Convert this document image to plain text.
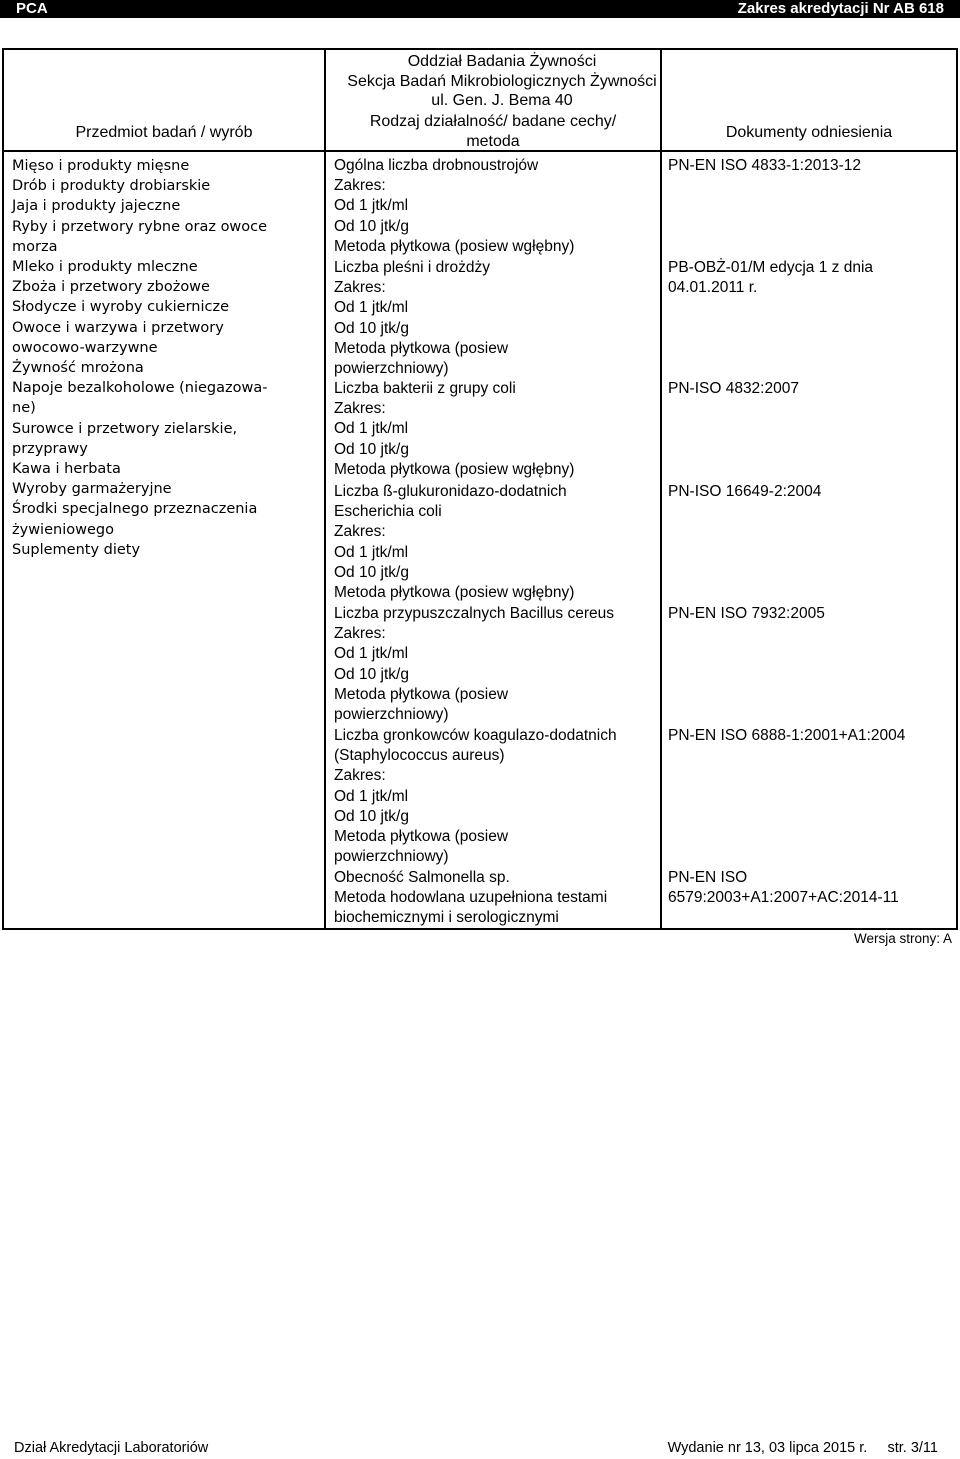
PCA	Zakres akredytacji Nr AB 618
Oddział Badania Żywności
Sekcja Badań Mikrobiologicznych Żywności
ul. Gen. J. Bema 40
Przedmiot badań / wyrób
Rodzaj działalność/ badane cechy/
metoda
Dokumenty odniesienia
Mięso i produkty mięsne
Drób i produkty drobiarskie
Jaja i produkty jajeczne
Ryby i przetwory rybne oraz owoce
morza
Mleko i produkty mleczne
Zboża i przetwory zbożowe
Słodycze i wyroby cukiernicze
Owoce i warzywa i przetwory
owocowo-warzywne
Żywność mrożona
Napoje bezalkoholowe (niegazowa-
ne)
Surowce i przetwory zielarskie,
przyprawy
Kawa i herbata
Wyroby garmażeryjne
Środki specjalnego przeznaczenia
żywieniowego
Suplementy diety
Ogólna liczba drobnoustrojów
Zakres:
Od 1 jtk/ml
Od 10 jtk/g
Metoda płytkowa (posiew wgłębny)
PN-EN ISO 4833-1:2013-12
Liczba pleśni i drożdży
Zakres:
Od 1 jtk/ml
Od 10 jtk/g
Metoda płytkowa (posiew
powierzchniowy)
PB-OBŻ-01/M edycja 1 z dnia
04.01.2011 r.
Liczba bakterii z grupy coli
Zakres:
Od 1 jtk/ml
Od 10 jtk/g
Metoda płytkowa (posiew wgłębny)
PN-ISO 4832:2007
Liczba ß-glukuronidazo-dodatnich
Escherichia coli
Zakres:
Od 1 jtk/ml
Od 10 jtk/g
Metoda płytkowa (posiew wgłębny)
PN-ISO 16649-2:2004
Liczba przypuszczalnych Bacillus cereus
Zakres:
Od 1 jtk/ml
Od 10 jtk/g
Metoda płytkowa (posiew
powierzchniowy)
PN-EN ISO 7932:2005
Liczba gronkowców koagulazo-dodatnich
(Staphylococcus aureus)
Zakres:
Od 1 jtk/ml
Od 10 jtk/g
Metoda płytkowa (posiew
powierzchniowy)
PN-EN ISO 6888-1:2001+A1:2004
Obecność Salmonella sp.
Metoda hodowlana uzupełniona testami
biochemicznymi i serologicznymi
PN-EN ISO
6579:2003+A1:2007+AC:2014-11
Wersja strony: A
Dział Akredytacji Laboratoriów	Wydanie nr 13, 03 lipca 2015 r.     str. 3/11
